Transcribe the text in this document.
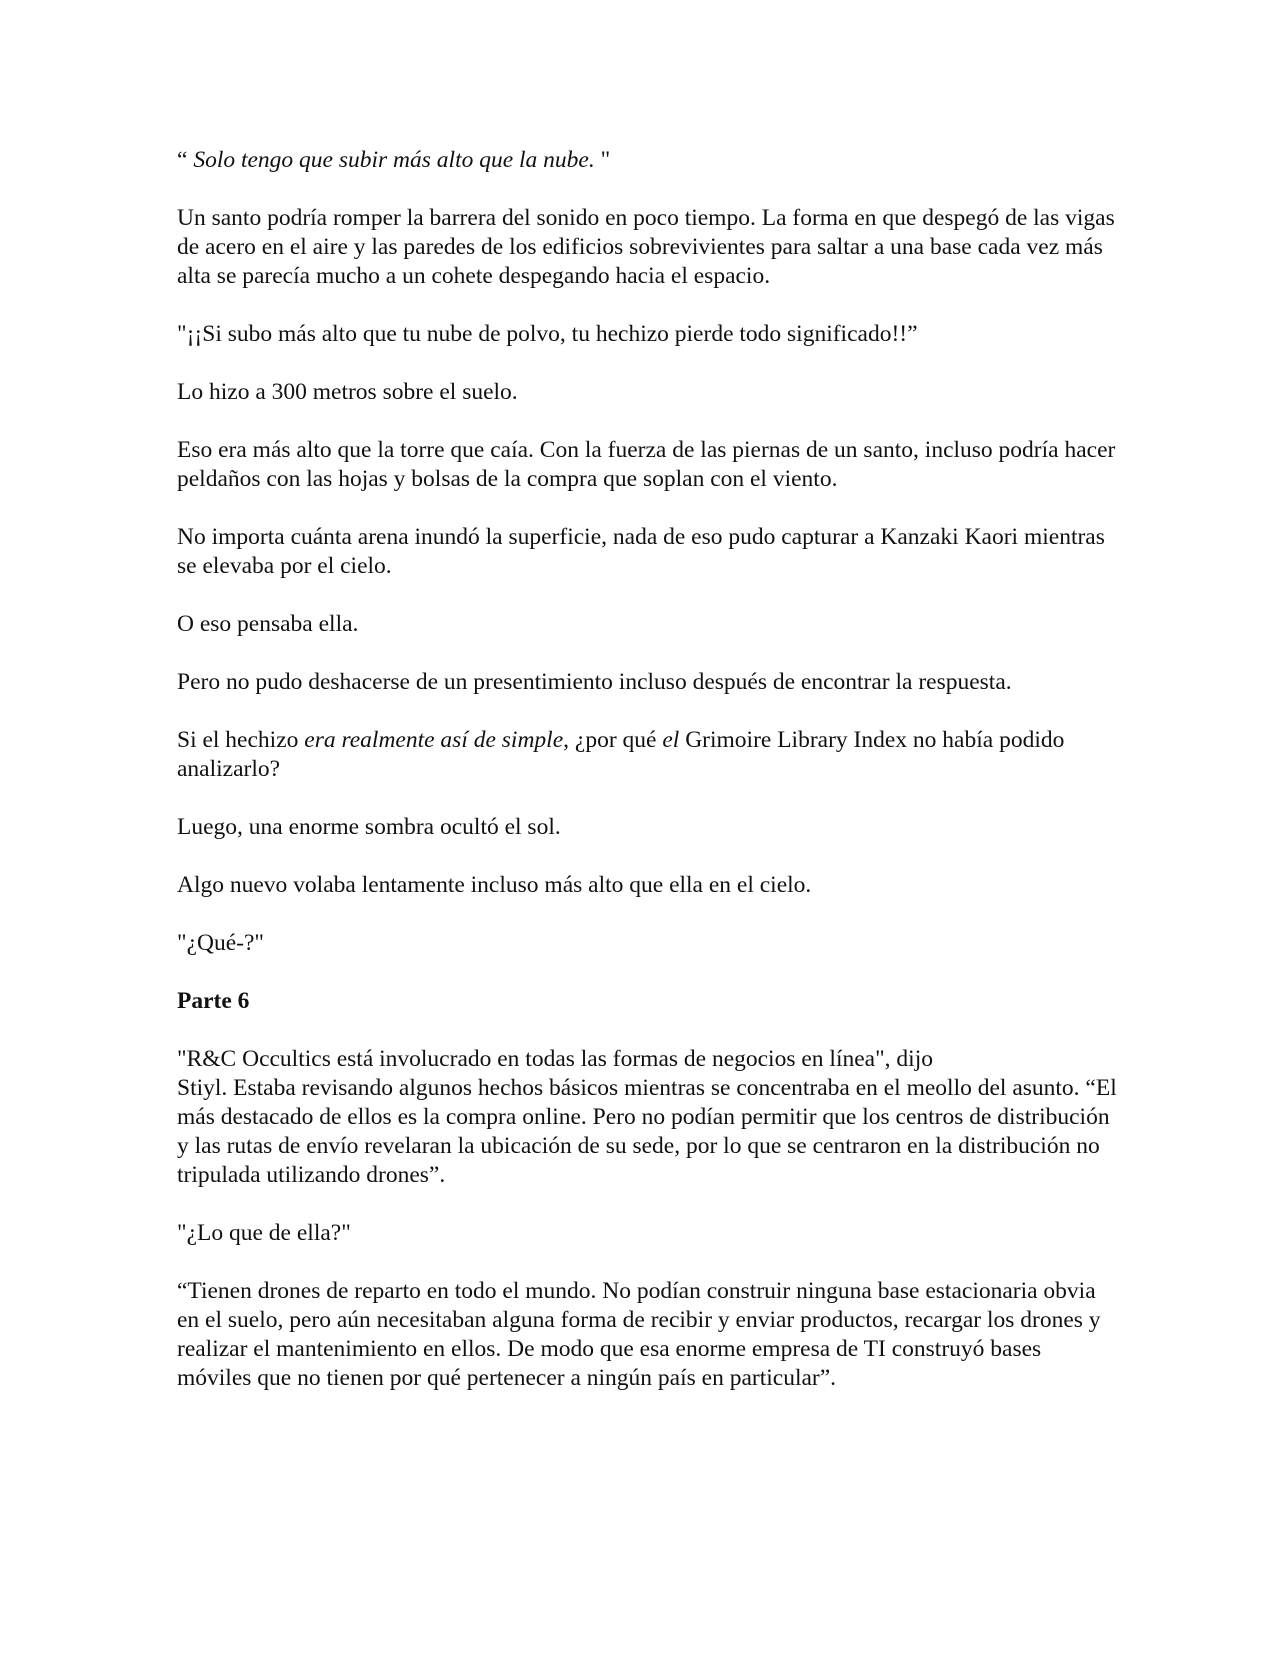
“ Solo tengo que subir más alto que la nube. "

Un santo podría romper la barrera del sonido en poco tiempo. La forma en que despegó de las vigas de acero en el aire y las paredes de los edificios sobrevivientes para saltar a una base cada vez más alta se parecía mucho a un cohete despegando hacia el espacio.

"¡¡Si subo más alto que tu nube de polvo, tu hechizo pierde todo significado!!”

Lo hizo a 300 metros sobre el suelo.

Eso era más alto que la torre que caía. Con la fuerza de las piernas de un santo, incluso podría hacer peldaños con las hojas y bolsas de la compra que soplan con el viento.

No importa cuánta arena inundó la superficie, nada de eso pudo capturar a Kanzaki Kaori mientras se elevaba por el cielo.

O eso pensaba ella.

Pero no pudo deshacerse de un presentimiento incluso después de encontrar la respuesta.

Si el hechizo era realmente así de simple, ¿por qué el Grimoire Library Index no había podido analizarlo?

Luego, una enorme sombra ocultó el sol.

Algo nuevo volaba lentamente incluso más alto que ella en el cielo.

"¿Qué-?"

Parte 6

"R&C Occultics está involucrado en todas las formas de negocios en línea", dijo
Stiyl. Estaba revisando algunos hechos básicos mientras se concentraba en el meollo del asunto. “El más destacado de ellos es la compra online. Pero no podían permitir que los centros de distribución y las rutas de envío revelaran la ubicación de su sede, por lo que se centraron en la distribución no tripulada utilizando drones”.

"¿Lo que de ella?"

“Tienen drones de reparto en todo el mundo. No podían construir ninguna base estacionaria obvia en el suelo, pero aún necesitaban alguna forma de recibir y enviar productos, recargar los drones y realizar el mantenimiento en ellos. De modo que esa enorme empresa de TI construyó bases móviles que no tienen por qué pertenecer a ningún país en particular”.
